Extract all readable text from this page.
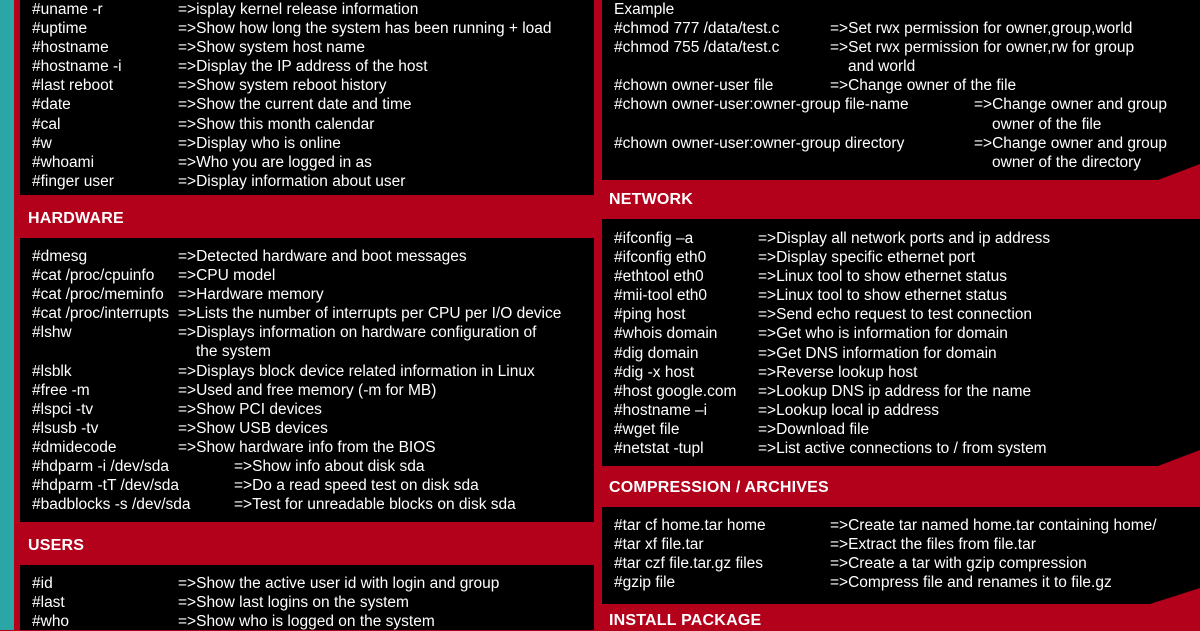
#uname -r	=>isplay kernel release information
#uptime	=>Show how long the system has been running + load
#hostname	=>Show system host name
#hostname -i	=>Display the IP address of the host
#last reboot	=>Show system reboot history
#date	=>Show the current date and time
#cal	=>Show this month calendar
#w	=>Display who is online
#whoami	=>Who you are logged in as
#finger user	=>Display information about user
HARDWARE
#dmesg	=>Detected hardware and boot messages
#cat /proc/cpuinfo =>CPU model
#cat /proc/meminfo =>Hardware memory
#cat /proc/interrupts =>Lists the number of interrupts per CPU per I/O device
#lshw	=>Displays information on hardware configuration of
the system
#lsblk	=>Displays block device related information in Linux
#free -m	=>Used and free memory (-m for MB)
#lspci -tv	=>Show PCI devices
#lsusb -tv	=>Show USB devices
#dmidecode	=>Show hardware info from the BIOS
#hdparm -i /dev/sda	=>Show info about disk sda
#hdparm -tT /dev/sda	=>Do a read speed test on disk sda
#badblocks -s /dev/sda	=>Test for unreadable blocks on disk sda
USERS
#id	=>Show the active user id with login and group
#last	=>Show last logins on the system
#who	=>Show who is logged on the system
Example
#chmod 777 /data/test.c	=>Set rwx permission for owner,group,world
#chmod 755 /data/test.c	=>Set rwx permission for owner,rw for group
and world
#chown owner-user file	=>Change owner of the file
#chown owner-user:owner-group file-name	=>Change owner and group
owner of the file
#chown owner-user:owner-group directory	=>Change owner and group
owner of the directory
NETWORK
#ifconfig –a	=>Display all network ports and ip address
#ifconfig eth0	=>Display specific ethernet port
#ethtool eth0	=>Linux tool to show ethernet status
#mii-tool eth0	=>Linux tool to show ethernet status
#ping host	=>Send echo request to test connection
#whois domain	=>Get who is information for domain
#dig domain	=>Get DNS information for domain
#dig -x host	=>Reverse lookup host
#host google.com =>Lookup DNS ip address for the name
#hostname –i	=>Lookup local ip address
#wget file	=>Download file
#netstat -tupl	=>List active connections to / from system
COMPRESSION / ARCHIVES
#tar cf home.tar home	=>Create tar named home.tar containing home/
#tar xf file.tar	=>Extract the files from file.tar
#tar czf file.tar.gz files	=>Create a tar with gzip compression
#gzip file	=>Compress file and renames it to file.gz
INSTALL PACKAGE
